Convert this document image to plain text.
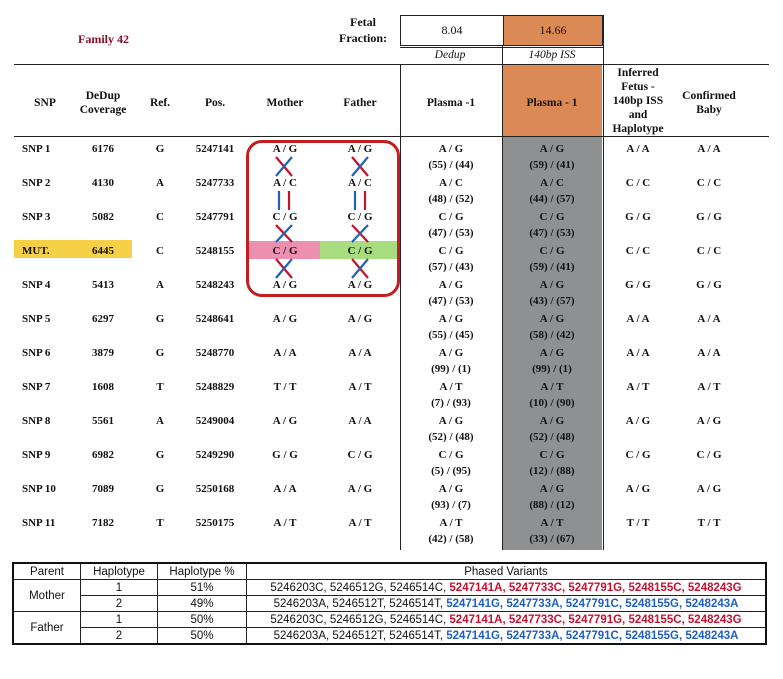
Family 42
Fetal
Fraction:
8.04	14.66
Dedup	140bp ISS
SNP
DeDup
Coverage
Ref.	Pos.	Mother	Father	Plasma -1	Plasma - 1
Inferred
Fetus -
140bp ISS
and
Haplotype
Confirmed
Baby
SNP 1	6176	G	5247141	A / G	A / G	A / G	A / G	A / A	A / A
(55) / (44)	(59) / (41)
SNP 2	4130	A	5247733	A / C	A / C	A / C	A / C	C / C	C / C
(48) / (52)	(44) / (57)
SNP 3	5082	C	5247791	C / G	C / G	C / G	C / G	G / G	G / G
(47) / (53)	(47) / (53)
MUT.	6445	C	5248155	C / G	C / G	C / G	C / G	C / C	C / C
(57) / (43)	(59) / (41)
SNP 4	5413	A	5248243	A / G	A / G	A / G	A / G	G / G	G / G
(47) / (53)	(43) / (57)
SNP 5	6297	G	5248641	A / G	A / G	A / G	A / G	A / A	A / A
(55) / (45)	(58) / (42)
SNP 6	3879	G	5248770	A / A	A / A	A / G	A / G	A / A	A / A
(99) / (1)	(99) / (1)
SNP 7	1608	T	5248829	T / T	A / T	A / T	A / T	A / T	A / T
(7) / (93)	(10) / (90)
SNP 8	5561	A	5249004	A / G	A / A	A / G	A / G	A / G	A / G
(52) / (48)	(52) / (48)
SNP 9	6982	G	5249290	G / G	C / G	C / G	C / G	C / G	C / G
(5) / (95)	(12) / (88)
SNP 10	7089	G	5250168	A / A	A / G	A / G	A / G	A / G	A / G
(93) / (7)	(88) / (12)
SNP 11	7182	T	5250175	A / T	A / T	A / T	A / T	T / T	T / T
(42) / (58)	(33) / (67)
Parent	Haplotype	Haplotype %	Phased Variants
Mother	1	51%	5246203C, 5246512G, 5246514C, 5247141A, 5247733C, 5247791G, 5248155C, 5248243G
	2	49%	5246203A, 5246512T, 5246514T, 5247141G, 5247733A, 5247791C, 5248155G, 5248243A
Father	1	50%	5246203C, 5246512G, 5246514C, 5247141A, 5247733C, 5247791G, 5248155C, 5248243G
	2	50%	5246203A, 5246512T, 5246514T, 5247141G, 5247733A, 5247791C, 5248155G, 5248243A
